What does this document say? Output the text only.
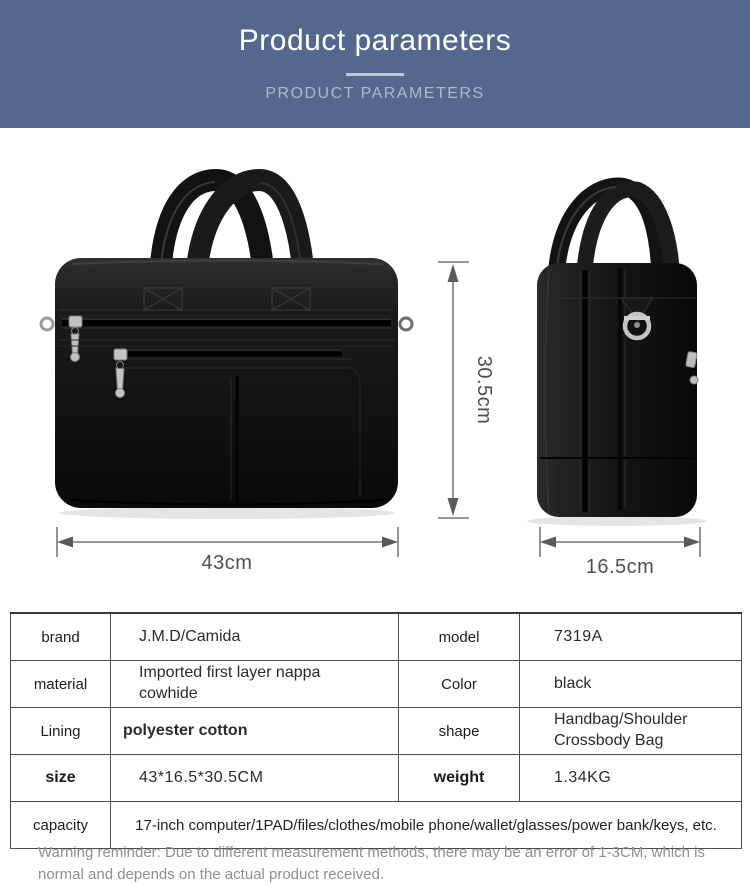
Product parameters
PRODUCT PARAMETERS
43cm
30.5cm
16.5cm
brand	J.M.D/Camida	model	7319A
material	Imported first layer nappa cowhide	Color	black
Lining	polyester cotton	shape	Handbag/Shoulder Crossbody Bag
size	43*16.5*30.5CM	weight	1.34KG
capacity	17-inch computer/1PAD/files/clothes/mobile phone/wallet/glasses/power bank/keys, etc.		
Warning reminder: Due to different measurement methods, there may be an error of 1-3CM, which is normal and depends on the actual product received.
